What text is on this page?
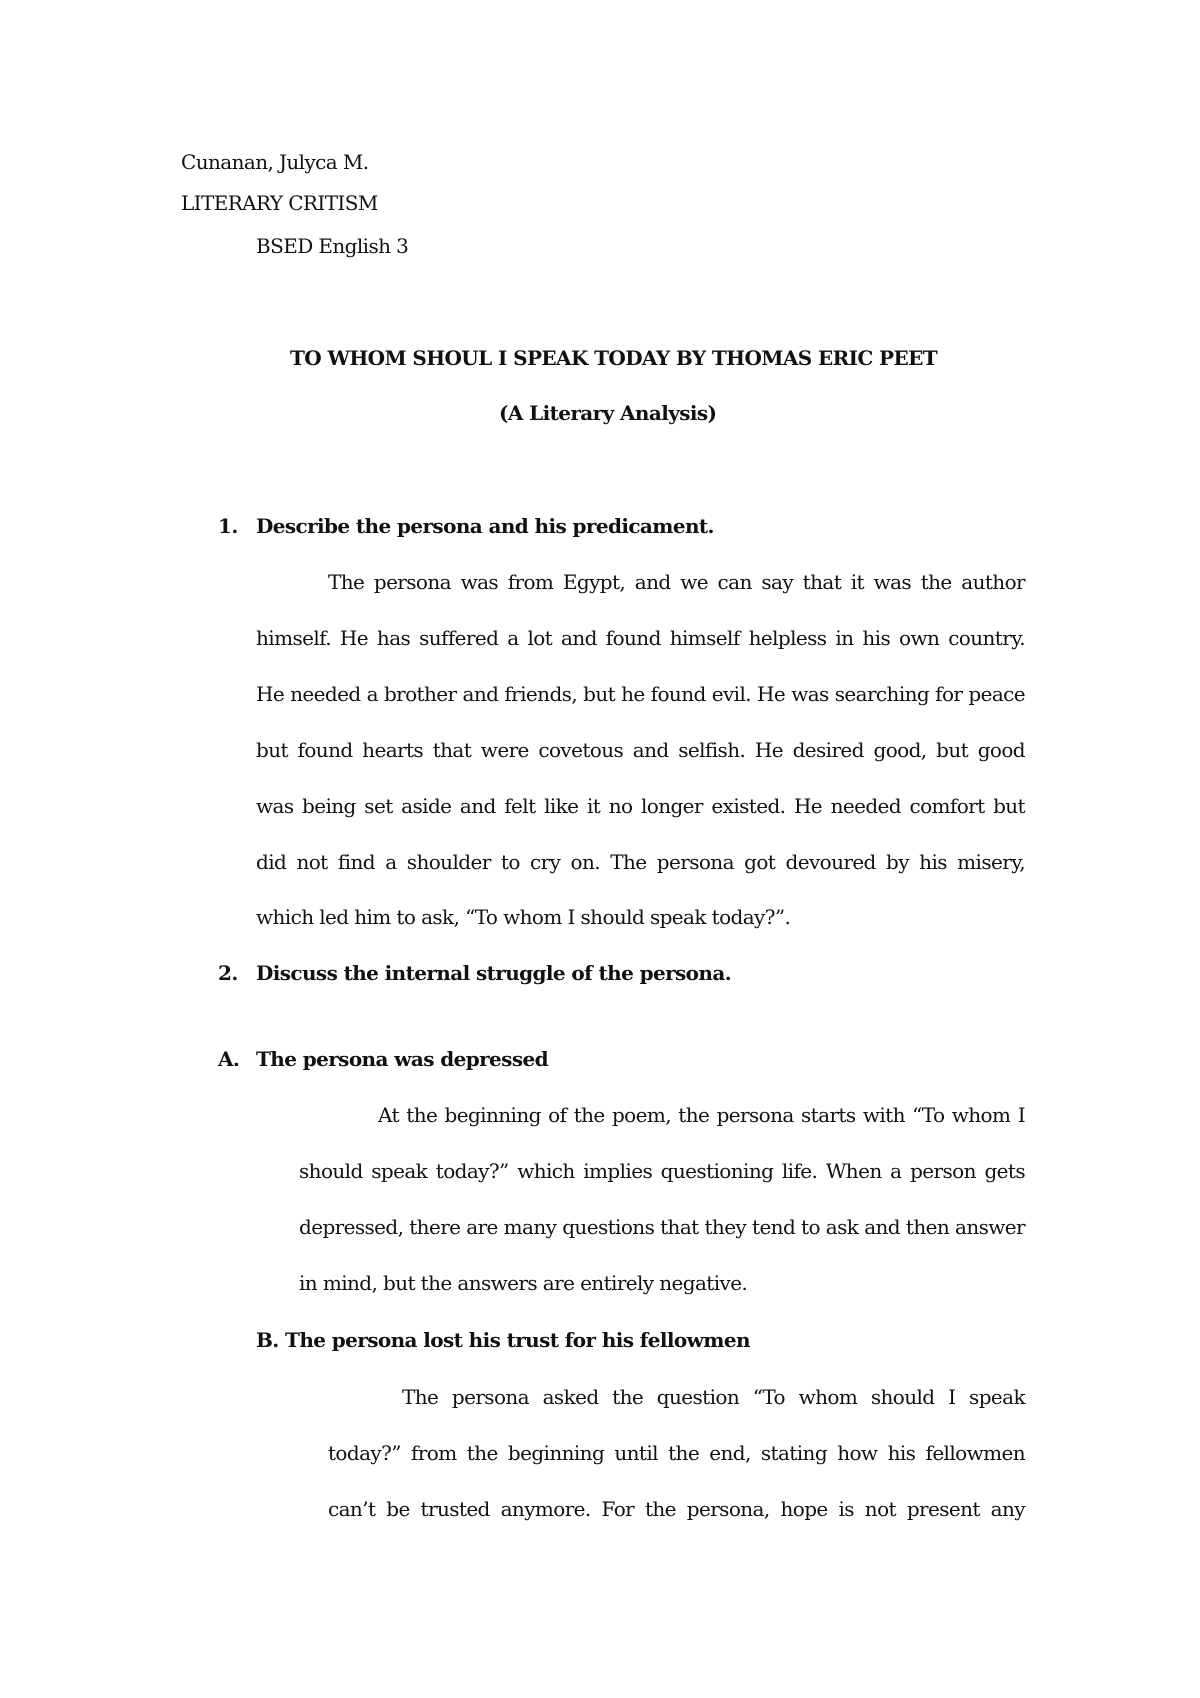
Cunanan, Julyca M.

LITERARY CRITISM

BSED English 3

TO WHOM SHOUL I SPEAK TODAY BY THOMAS ERIC PEET

(A Literary Analysis)

1. Describe the persona and his predicament.

The persona was from Egypt, and we can say that it was the author

himself. He has suffered a lot and found himself helpless in his own country.

He needed a brother and friends, but he found evil. He was searching for peace

but found hearts that were covetous and selfish. He desired good, but good

was being set aside and felt like it no longer existed. He needed comfort but

did not find a shoulder to cry on. The persona got devoured by his misery,

which led him to ask, “To whom I should speak today?”.

2. Discuss the internal struggle of the persona.

A. The persona was depressed

At the beginning of the poem, the persona starts with “To whom I

should speak today?” which implies questioning life. When a person gets

depressed, there are many questions that they tend to ask and then answer

in mind, but the answers are entirely negative.

B. The persona lost his trust for his fellowmen

The persona asked the question “To whom should I speak

today?” from the beginning until the end, stating how his fellowmen

can’t be trusted anymore. For the persona, hope is not present any
